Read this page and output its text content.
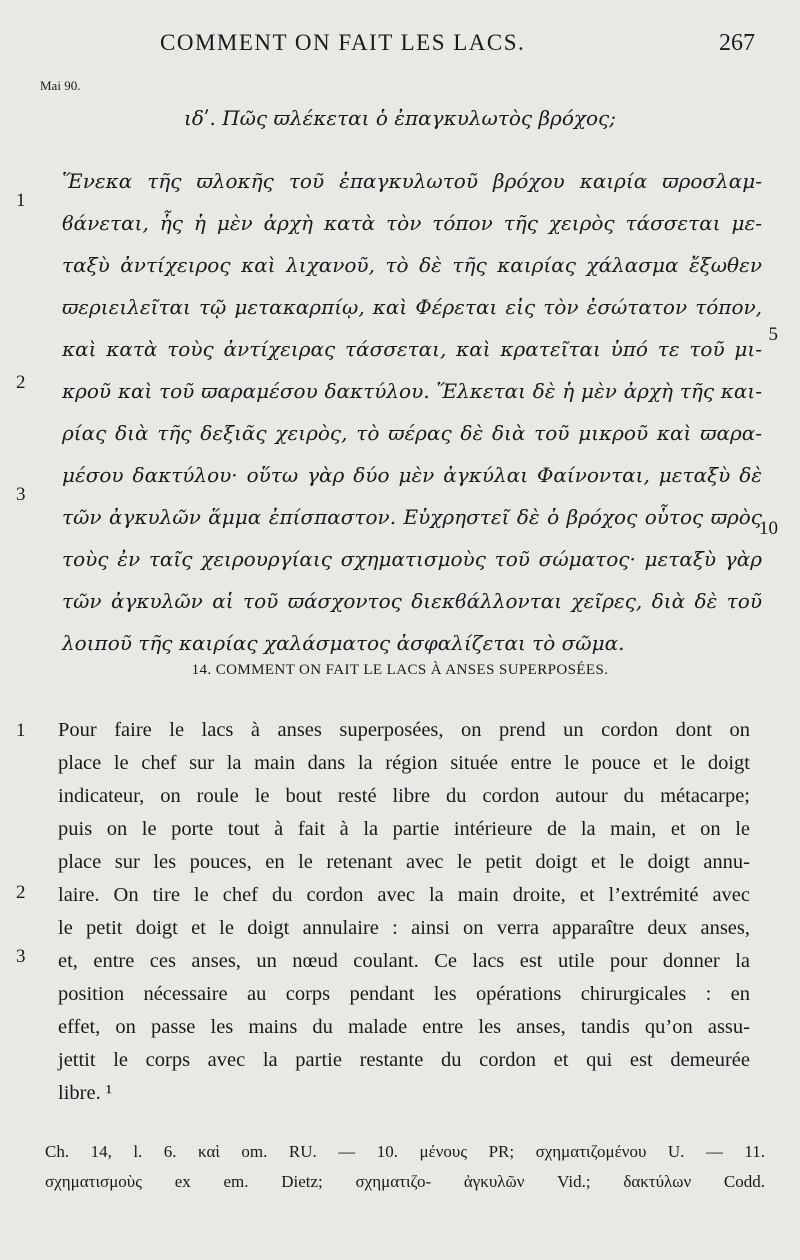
COMMENT ON FAIT LES LACS.	267
Mai 90.
ιδʹ. Πῶς ϖλέκεται ὁ ἐπαγκυλωτὸς βρόχος;
Ἕνεκα τῆς ϖλοκῆς τοῦ ἐπαγκυλωτοῦ βρόχου καιρία ϖροσλαμ-
ϐάνεται, ἧς ἡ μὲν ἀρχὴ κατὰ τὸν τόπον τῆς χειρὸς τάσσεται με-
ταξὺ ἀντίχειρος καὶ λιχανοῦ, τὸ δὲ τῆς καιρίας χάλασμα ἔξωθεν
ϖεριειλεῖται τῷ μετακαρπίῳ, καὶ Φέρεται εἰς τὸν ἐσώτατον τόπον,
καὶ κατὰ τοὺς ἀντίχειρας τάσσεται, καὶ κρατεῖται ὑπό τε τοῦ μι-
κροῦ καὶ τοῦ ϖαραμέσου δακτύλου. Ἕλκεται δὲ ἡ μὲν ἀρχὴ τῆς και-
ρίας διὰ τῆς δεξιᾶς χειρὸς, τὸ ϖέρας δὲ διὰ τοῦ μικροῦ καὶ ϖαρα-
μέσου δακτύλου· οὕτω γὰρ δύο μὲν ἀγκύλαι Φαίνονται, μεταξὺ δὲ
τῶν ἀγκυλῶν ἅμμα ἐπίσπαστον. Εὐχρηστεῖ δὲ ὁ βρόχος οὗτος ϖρὸς
τοὺς ἐν ταῖς χειρουργίαις σχηματισμοὺς τοῦ σώματος· μεταξὺ γὰρ
τῶν ἀγκυλῶν αἱ τοῦ ϖάσχοντος διεκϐάλλονται χεῖρες, διὰ δὲ τοῦ
λοιποῦ τῆς καιρίας χαλάσματος ἀσφαλίζεται τὸ σῶμα.
1
2
3
5
10
14. COMMENT ON FAIT LE LACS À ANSES SUPERPOSÉES.
Pour faire le lacs à anses superposées, on prend un cordon dont on
place le chef sur la main dans la région située entre le pouce et le doigt
indicateur, on roule le bout resté libre du cordon autour du métacarpe;
puis on le porte tout à fait à la partie intérieure de la main, et on le
place sur les pouces, en le retenant avec le petit doigt et le doigt annu-
laire. On tire le chef du cordon avec la main droite, et l’extrémité avec
le petit doigt et le doigt annulaire : ainsi on verra apparaître deux anses,
et, entre ces anses, un nœud coulant. Ce lacs est utile pour donner la
position nécessaire au corps pendant les opérations chirurgicales : en
effet, on passe les mains du malade entre les anses, tandis qu’on assu-
jettit le corps avec la partie restante du cordon et qui est demeurée
libre. ¹
1
2
3
Ch. 14, l. 6. καὶ om. RU. — 10. μένους PR; σχηματιζομένου U. — 11.
σχηματισμοὺς ex em. Dietz; σχηματιζο- ἀγκυλῶν Vid.; δακτύλων Codd.
